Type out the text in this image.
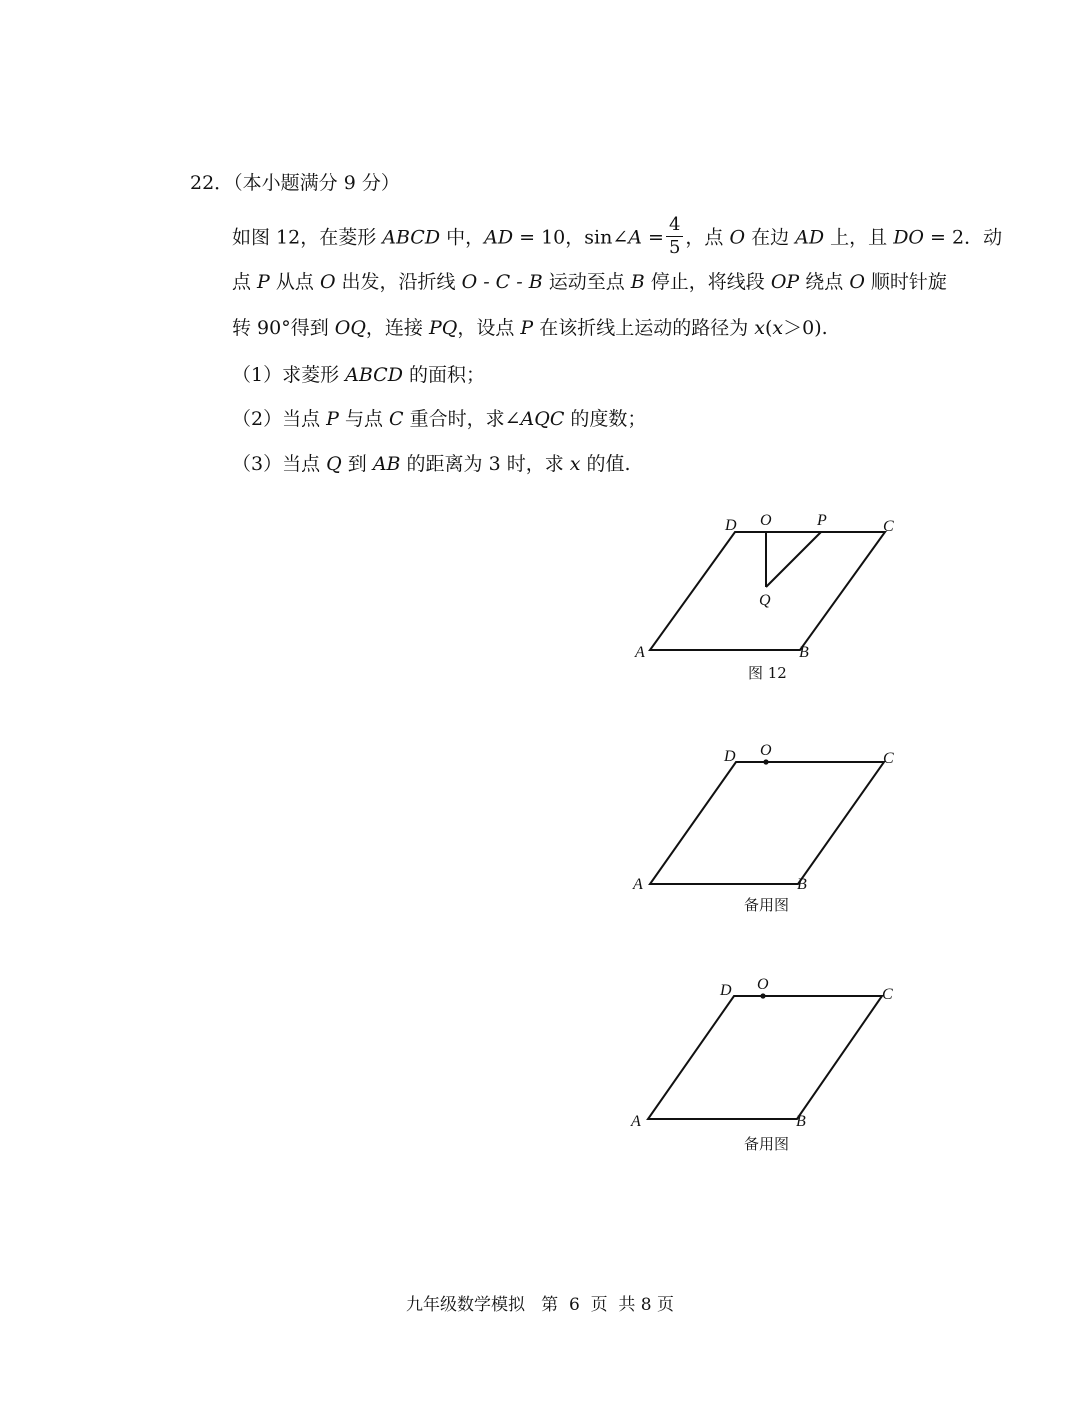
22．（本小题满分 9 分）
如图 12，在菱形 ABCD 中，AD = 10，sin∠A = $\frac{4}{5}$ ，点 O 在边 AD 上，且 DO = 2．动
点 P 从点 O 出发，沿折线 O - C - B 运动至点 B 停止，将线段 OP 绕点 O 顺时针旋
转 90°得到 OQ，连接 PQ，设点 P 在该折线上运动的路径为 x(x＞0).
（1）求菱形 ABCD 的面积；
（2）当点 P 与点 C 重合时，求∠AQC 的度数；
（3）当点 Q 到 AB 的距离为 3 时，求 x 的值.
D O	P	C
Q
A	B
图 12
D O	C
A	B
备用图
D O
C
A	B
备用图
九年级数学模拟   第  6  页  共 8 页
